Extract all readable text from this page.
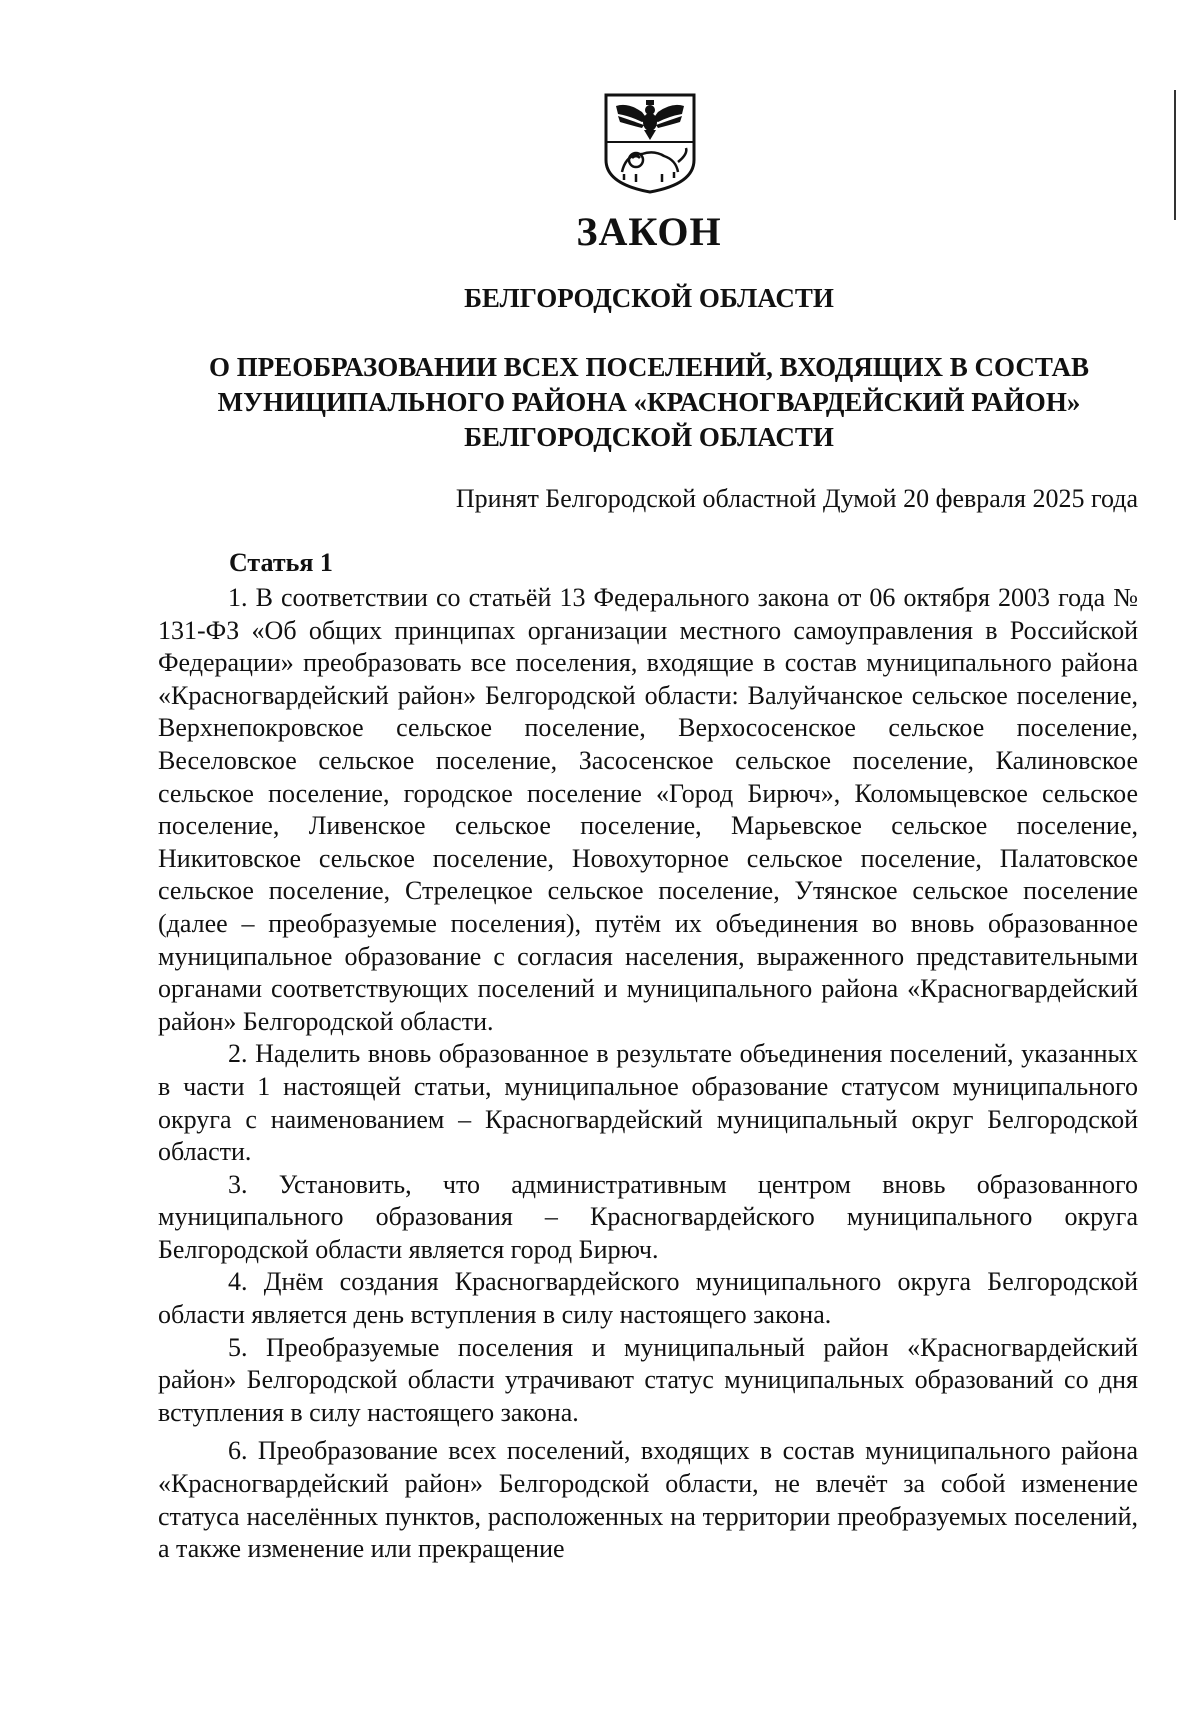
ЗАКОН
БЕЛГОРОДСКОЙ ОБЛАСТИ
О ПРЕОБРАЗОВАНИИ ВСЕХ ПОСЕЛЕНИЙ, ВХОДЯЩИХ В СОСТАВ
МУНИЦИПАЛЬНОГО РАЙОНА «КРАСНОГВАРДЕЙСКИЙ РАЙОН»
БЕЛГОРОДСКОЙ ОБЛАСТИ

Принят Белгородской областной Думой 20 февраля 2025 года

Статья 1

1. В соответствии со статьёй 13 Федерального закона от 06 октября 2003 года № 131-ФЗ «Об общих принципах организации местного самоуправления в Российской Федерации» преобразовать все поселения, входящие в состав муниципального района «Красногвардейский район» Белгородской области: Валуйчанское сельское поселение, Верхнепокровское сельское поселение, Верхососенское сельское поселение, Веселовское сельское поселение, Засосенское сельское поселение, Калиновское сельское поселение, городское поселение «Город Бирюч», Коломыцевское сельское поселение, Ливенское сельское поселение, Марьевское сельское поселение, Никитовское сельское поселение, Новохуторное сельское поселение, Палатовское сельское поселение, Стрелецкое сельское поселение, Утянское сельское поселение (далее – преобразуемые поселения), путём их объединения во вновь образованное муниципальное образование с согласия населения, выраженного представительными органами соответствующих поселений и муниципального района «Красногвардейский район» Белгородской области.

2. Наделить вновь образованное в результате объединения поселений, указанных в части 1 настоящей статьи, муниципальное образование статусом муниципального округа с наименованием – Красногвардейский муниципальный округ Белгородской области.

3. Установить, что административным центром вновь образованного муниципального образования – Красногвардейского муниципального округа Белгородской области является город Бирюч.

4. Днём создания Красногвардейского муниципального округа Белгородской области является день вступления в силу настоящего закона.

5. Преобразуемые поселения и муниципальный район «Красногвардейский район» Белгородской области утрачивают статус муниципальных образований со дня вступления в силу настоящего закона.

6. Преобразование всех поселений, входящих в состав муниципального района «Красногвардейский район» Белгородской области, не влечёт за собой изменение статуса населённых пунктов, расположенных на территории преобразуемых поселений, а также изменение или прекращение
